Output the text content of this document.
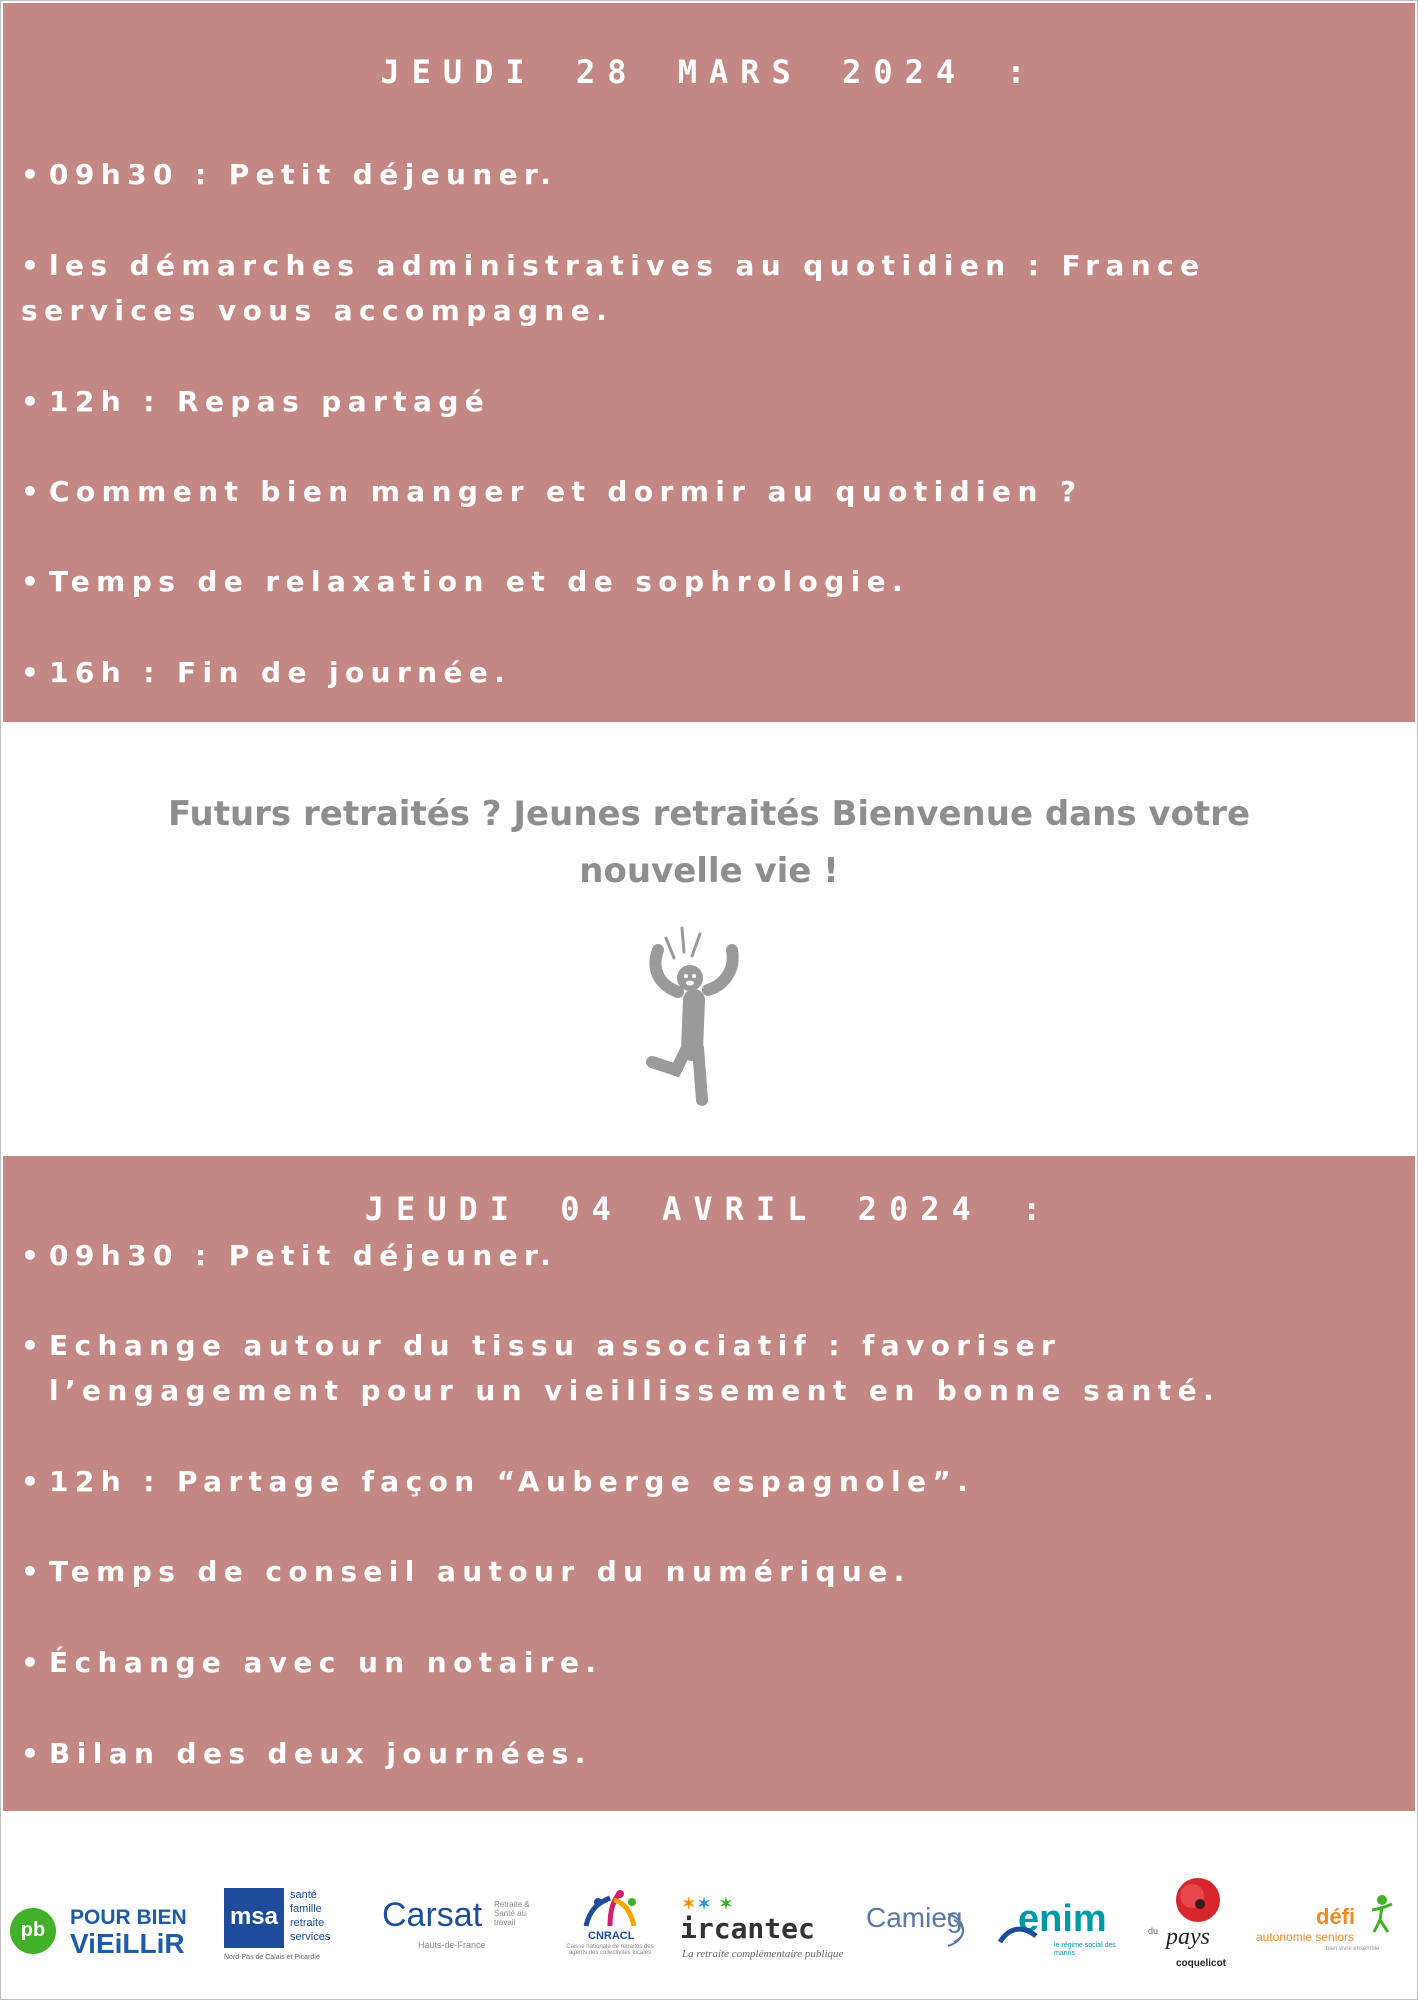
JEUDI 28 MARS 2024 :
• 09h30 : Petit déjeuner.
• les démarches administratives au quotidien : France services vous accompagne.
• 12h : Repas partagé
• Comment bien manger et dormir au quotidien ?
• Temps de relaxation et de sophrologie.
• 16h : Fin de journée.
Futurs retraités ? Jeunes retraités Bienvenue dans votre
nouvelle vie !
JEUDI 04 AVRIL 2024 :
• 09h30 : Petit déjeuner.
• Echange autour du tissu associatif : favoriser
l’engagement pour un vieillissement en bonne santé.
• 12h : Partage façon “Auberge espagnole”.
• Temps de conseil autour du numérique.
• Échange avec un notaire.
• Bilan des deux journées.
pb
POUR BIEN
ViEiLLiR
msa
santé
famille
retraite
services
Nord-Pas de Calais et Picardie
Carsat Retraite & Santé au travail
Hauts-de-France
CNRACL
Caisse nationale de retraites des agents des collectivités locales
✶✶ ✶
ircantec
La retraite complémentaire publique
Camieg enim
le régime social des marins
du pays
coquelicot
défi
autonomie seniors
bien vivre ensemble
